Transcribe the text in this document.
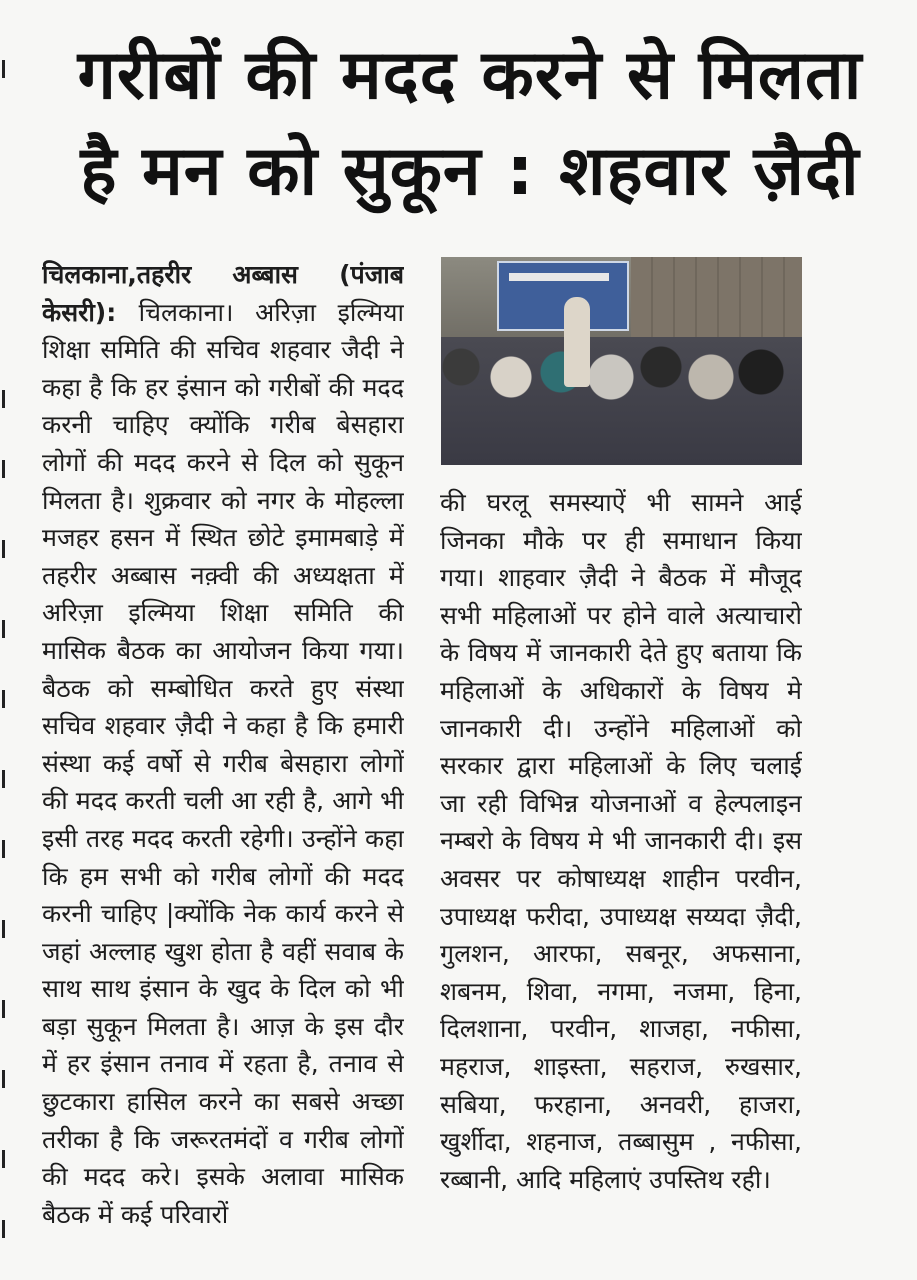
गरीबों की मदद करने से मिलता
है मन को सुकून : शहवार ज़ैदी
चिलकाना,तहरीर अब्बास (पंजाब केसरी): चिलकाना। अरिज़ा इल्मिया शिक्षा समिति की सचिव शहवार जैदी ने कहा है कि हर इंसान को गरीबों की मदद करनी चाहिए क्योंकि गरीब बेसहारा लोगों की मदद करने से दिल को सुकून मिलता है। शुक्रवार को नगर के मोहल्ला मजहर हसन में स्थित छोटे इमामबाड़े में तहरीर अब्बास नक़्वी की अध्यक्षता में अरिज़ा इल्मिया शिक्षा समिति की मासिक बैठक का आयोजन किया गया। बैठक को सम्बोधित करते हुए संस्था सचिव शहवार ज़ैदी ने कहा है कि हमारी संस्था कई वर्षो से गरीब बेसहारा लोगों की मदद करती चली आ रही है, आगे भी इसी तरह मदद करती रहेगी। उन्होंने कहा कि हम सभी को गरीब लोगों की मदद करनी चाहिए |क्योंकि नेक कार्य करने से जहां अल्लाह खुश होता है वहीं सवाब के साथ साथ इंसान के खुद के दिल को भी बड़ा सुकून मिलता है। आज़ के इस दौर में हर इंसान तनाव में रहता है, तनाव से छुटकारा हासिल करने का सबसे अच्छा तरीका है कि जरूरतमंदों व गरीब लोगों की मदद करे। इसके अलावा मासिक बैठक में कई परिवारों
की घरलू समस्याऐं भी सामने आई जिनका मौके पर ही समाधान किया गया। शाहवार ज़ैदी ने बैठक में मौजूद सभी महिलाओं पर होने वाले अत्याचारो के विषय में जानकारी देते हुए बताया कि महिलाओं के अधिकारों के विषय मे जानकारी दी। उन्होंने महिलाओं को सरकार द्वारा महिलाओं के लिए चलाई जा रही विभिन्न योजनाओं व हेल्पलाइन नम्बरो के विषय मे भी जानकारी दी। इस अवसर पर कोषाध्यक्ष शाहीन परवीन, उपाध्यक्ष फरीदा, उपाध्यक्ष सय्यदा ज़ैदी, गुलशन, आरफा, सबनूर, अफसाना, शबनम, शिवा, नगमा, नजमा, हिना, दिलशाना, परवीन, शाजहा, नफीसा, महराज, शाइस्ता, सहराज, रुखसार, सबिया, फरहाना, अनवरी, हाजरा, खुर्शीदा, शहनाज, तब्बासुम , नफीसा, रब्बानी, आदि महिलाएं उपस्तिथ रही।
